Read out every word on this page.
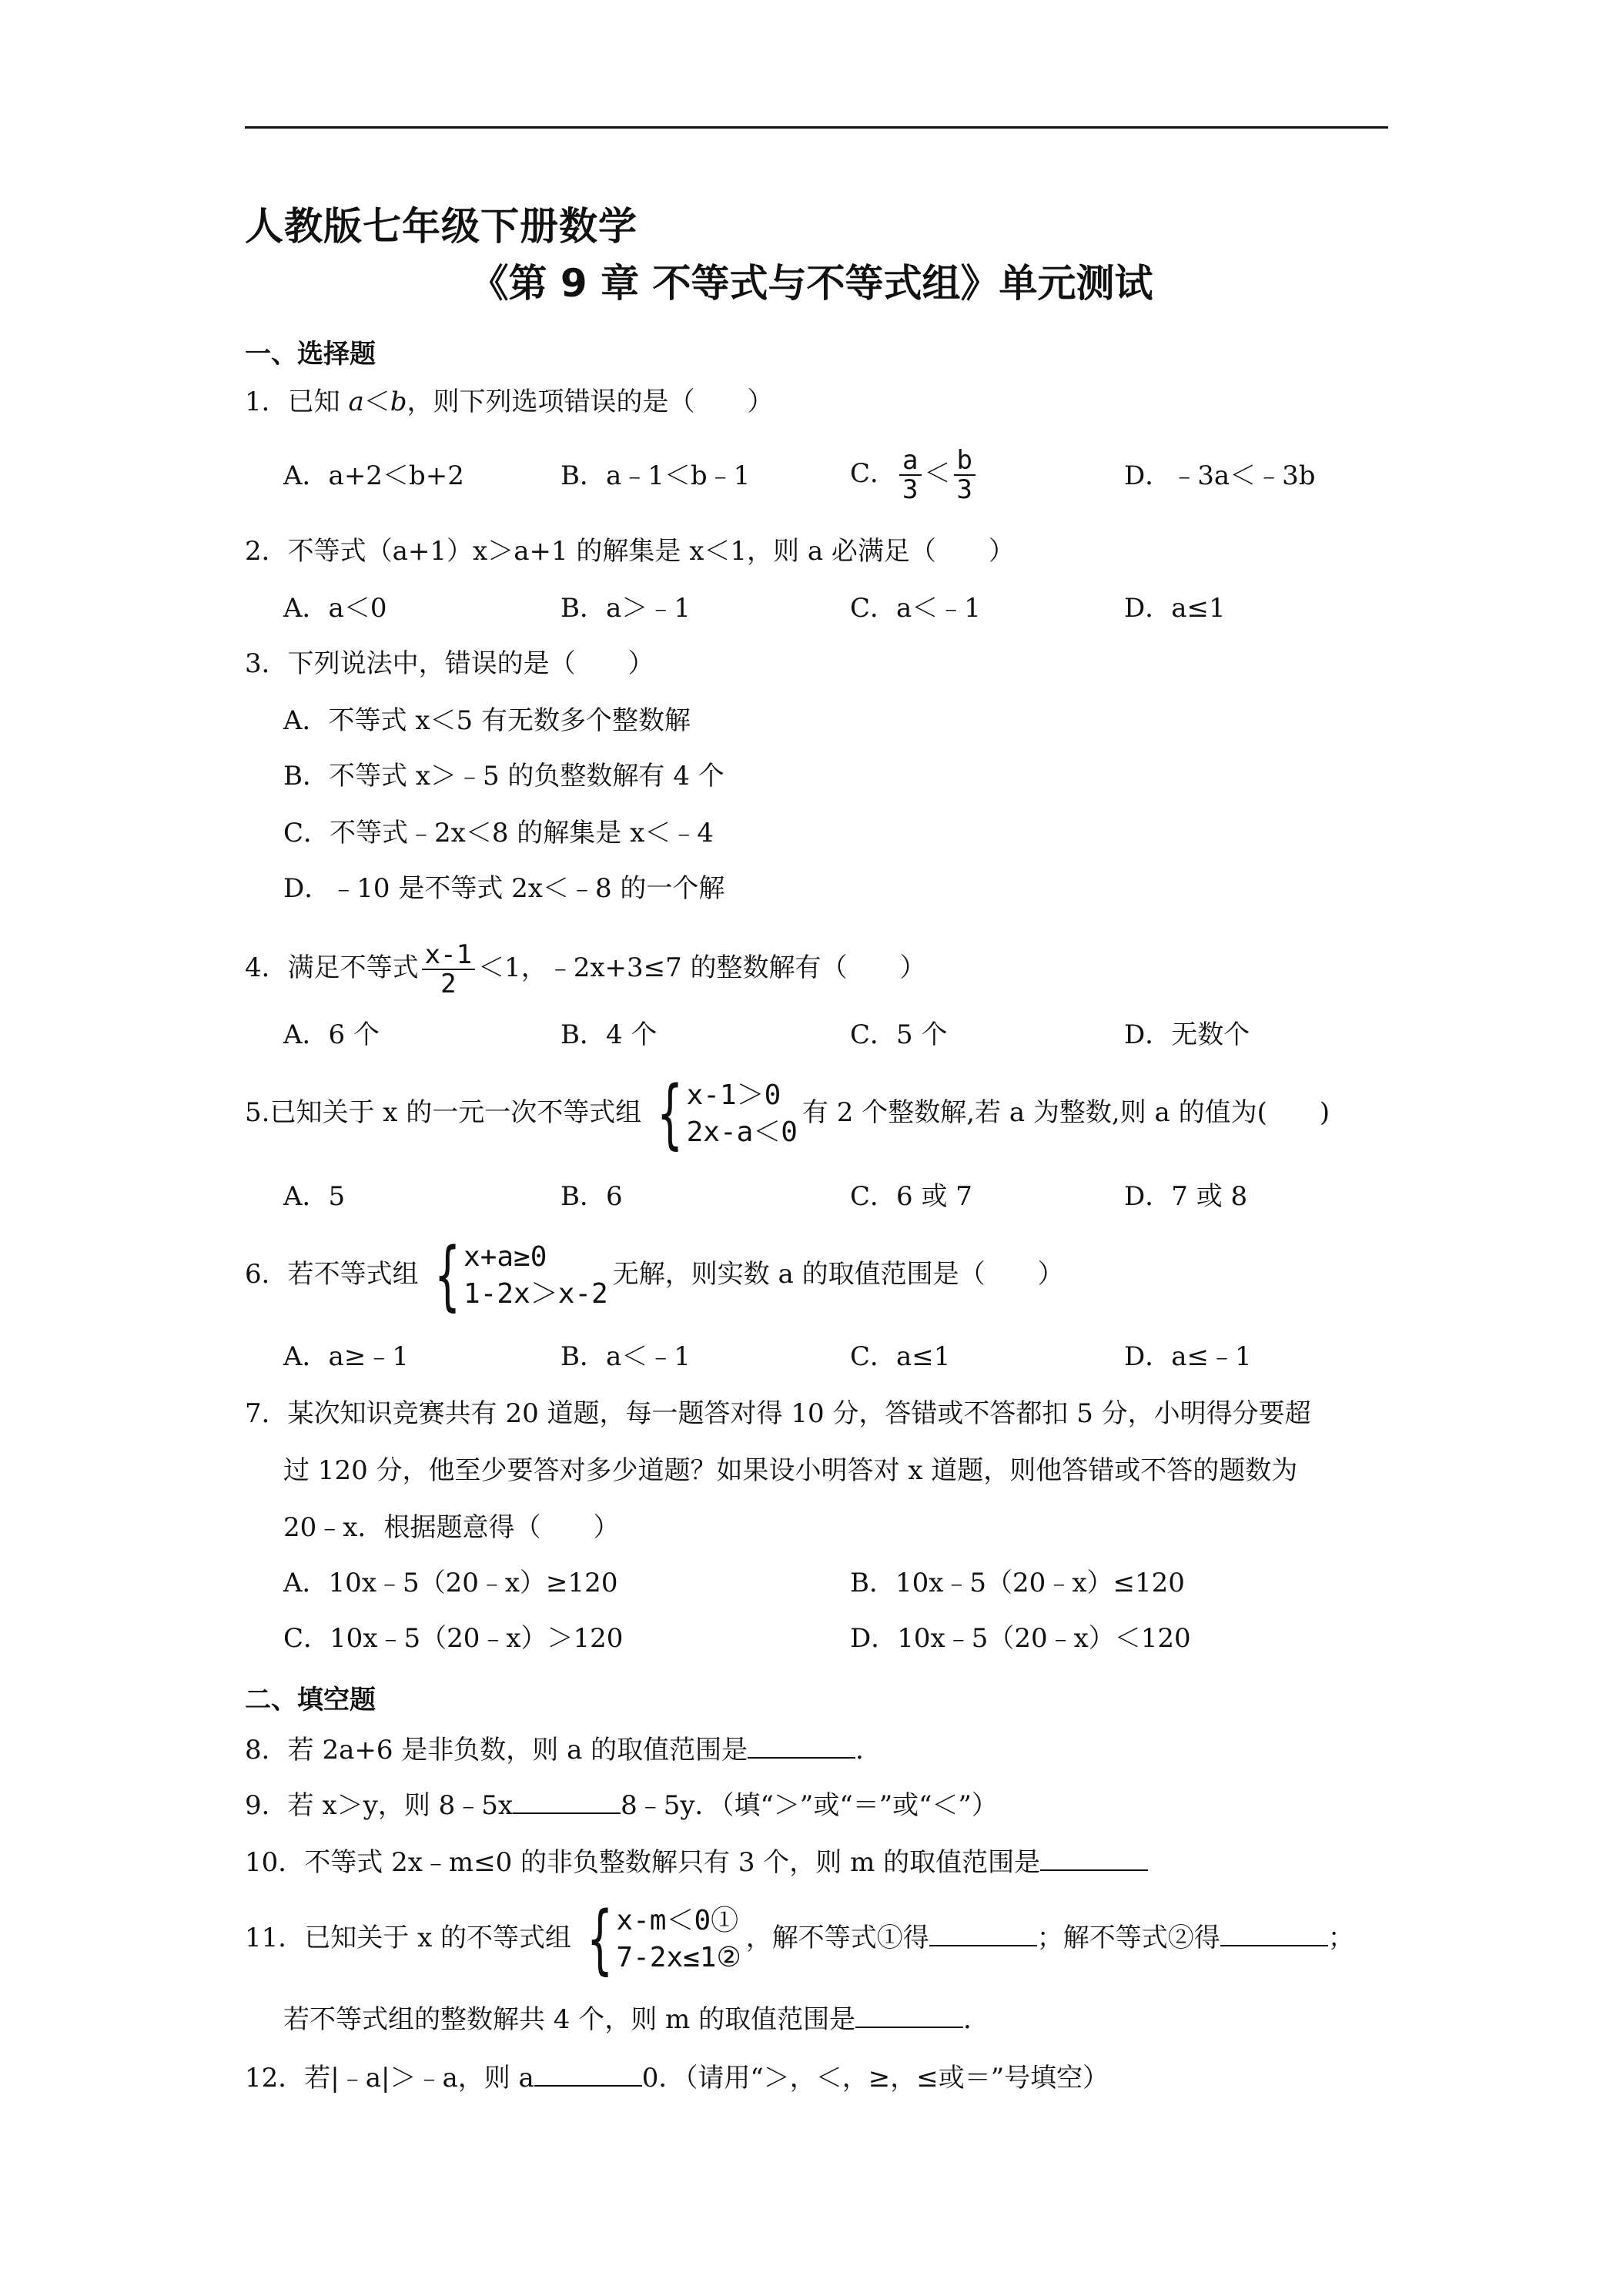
人教版七年级下册数学
《第 9 章 不等式与不等式组》单元测试
一、选择题
1．已知 a＜b，则下列选项错误的是（　　）
A．a+2＜b+2	B．a﹣1＜b﹣1	C． $\frac{a}{3} < \frac{b}{3}$	D．﹣3a＜﹣3b
2．不等式（a+1）x＞a+1 的解集是 x＜1，则 a 必满足（　　）
A．a＜0	B．a＞﹣1	C．a＜﹣1	D．a≤1
3．下列说法中，错误的是（　　）
A．不等式 x＜5 有无数多个整数解
B．不等式 x＞﹣5 的负整数解有 4 个
C．不等式﹣2x＜8 的解集是 x＜﹣4
D．﹣10 是不等式 2x＜﹣8 的一个解
4．满足不等式 $\frac{x-1}{2} <1$，﹣2x+3≤7 的整数解有（　　）
A．6 个	B．4 个	C．5 个	D．无数个
5.已知关于 x 的一元一次不等式组 { x-1＞0
2x-a＜0
有 2 个整数解,若 a 为整数,则 a 的值为(　　)
A．5	B．6	C．6 或 7	D．7 或 8
6．若不等式组 { x+a≥0
1-2x＞x-2
无解，则实数 a 的取值范围是（　　）
A．a≥﹣1	B．a＜﹣1	C．a≤1	D．a≤﹣1
7．某次知识竞赛共有 20 道题，每一题答对得 10 分，答错或不答都扣 5 分，小明得分要超
过 120 分，他至少要答对多少道题？如果设小明答对 x 道题，则他答错或不答的题数为
20﹣x．根据题意得（　　）
A．10x﹣5（20﹣x）≥120	B．10x﹣5（20﹣x）≤120
C．10x﹣5（20﹣x）＞120	D．10x﹣5（20﹣x）＜120
二、填空题
8．若 2a+6 是非负数，则 a 的取值范围是	．
9．若 x＞y，则 8﹣5x	8﹣5y．（填“＞”或“＝”或“＜”）
10．不等式 2x﹣m≤0 的非负整数解只有 3 个，则 m 的取值范围是
11．已知关于 x 的不等式组 { x-m＜0①
7-2x≤1②
，解不等式①得	；解不等式②得	；
若不等式组的整数解共 4 个，则 m 的取值范围是	．
12．若|﹣a|＞﹣a，则 a	0．（请用“＞，＜，≥，≤或＝”号填空）
